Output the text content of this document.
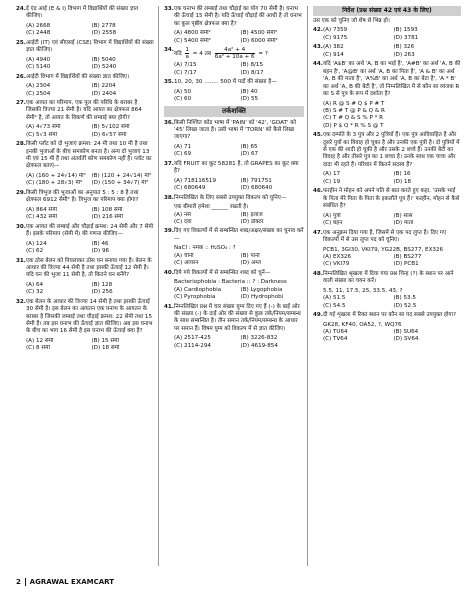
24. ई एंड आई (E & I) विभाग में विद्यार्थियों की संख्या ज्ञात कीजिए।
(A) 2668	(B) 2778
(C) 2448	(D) 2558
25. आईटी (IT) एवं सीएसई (CSE) विभाग में विद्यार्थियों की संख्या ज्ञात कीजिए।
(A) 4940	(B) 5040
(C) 5140	(D) 5240
26. आईटी विभाग में विद्यार्थियों की संख्या ज्ञात कीजिए।
(A) 2304	(B) 2204
(C) 2504	(D) 2404
27. एक आयत का परिमाप, एक पूल की परिधि के बराबर है जिसकी त्रिज्या 21 सेमी है। यदि आयत का क्षेत्रफल 864 सेमी² है, तो आयत के विकर्ण की लम्बाई क्या होगी?
(A) 4√73 सेमी	(B) 5√102 सेमी
(C) 5√3 सेमी	(D) 6√57 सेमी
28. किसी प्लॉट को दो भुजाएं क्रमश: 24 मी तथा 10 मी है तथा इनकी भुजाओं के बीच समकोण बनता है। अन्य दो भुजाएं 13 मी एवं 15 मी हैं तथा अंतर्वर्ती कोण समकोण नहीं है। प्लॉट का क्षेत्रफल बताएं—
(A) (160 + 24√14) मी²	(B) (120 + 24√14) मी²
(C) (180 + 28√3) मी²	(D) (150 + 34√7) मी²
29. किसी त्रिभुज की भुजाओं का अनुपात 5 : 5 : 8 है तथा क्षेत्रफल 6912 सेमी² है। त्रिभुज का परिमाप क्या होगा?
(A) 864 सेमी	(B) 108 सेमी
(C) 432 सेमी	(D) 216 सेमी
30. एक आयत की लम्बाई और चौड़ाई क्रमश: 24 सेमी और 7 सेमी हैं। इसके परिमाप (सेमी में) की गणना कीजिए—
(A) 124	(B) 46
(C) 62	(D) 96
31. एक ठोस बेलन को पिघलाकर ठोस घन बनाया गया है। बेलन के आधार की त्रिज्या 44 सेमी है तथा इसकी ऊँचाई 12 सेमी है। यदि घन की भुजा 11 सेमी है, तो कितने घन बनेंगे?
(A) 64	(B) 128
(C) 32	(D) 256
32. एक बेलन के आधार की त्रिज्या 14 सेमी है तथा इसकी ऊँचाई 30 सेमी है। इस बेलन का आयतन एक घनाभ के आयतन के बराबर है जिसकी लम्बाई तथा चौड़ाई क्रमश: 22 सेमी तथा 15 सेमी है। तब इस घनाभ की ऊँचाई ज्ञात कीजिए। अब इस घनाभ के बीच का भाग 16 सेमी है इस घनाभ की ऊँचाई क्या है?
(A) 12 सेमी	(B) 15 सेमी
(C) 8 सेमी	(D) 18 सेमी
33. एक घनाभ की लम्बाई तथा चौड़ाई का योग 70 सेमी है। घनाभ की ऊँचाई 15 सेमी है। यदि ऊँचाई चौड़ाई की आधी है तो घनाभ का कुल पृष्ठीय क्षेत्रफल क्या है?
(A) 4800 सेमी²	(B) 4500 सेमी²
(C) 5400 सेमी²	(D) 6000 सेमी²
34.
यदि $\frac{1}{a} = 4$ तब $\frac{\text{4a² + 4}}{\text{6a² + 10a + 6}}$ = ?
(A) 7/15	(B) 8/15
(C) 7/17	(D) 8/17
35. 10, 20, 30 ........ 500 में पदों की संख्या है—
(A) 50	(B) 40
(C) 60	(D) 55
तर्कशक्ति
36. किसी निश्चित कोड भाषा में 'PAIN' को '42', 'GOAT' को '45' लिखा जाता है। उसी भाषा में 'TORN' को कैसे लिखा जाएगा?
(A) 71	(B) 65
(C) 69	(D) 67
37. यदि FRUIT का कूट 58281 है, तो GRAPES का कूट क्या है?
(A) 718116519	(B) 791751
(C) 680649	(D) 680640
38. निम्नलिखित के लिए सबसे उपयुक्त विकल्प को चुनिए—
एक बीमारी हमेशा ______ रखती है।
(A) नर्स	(B) इलाज
(C) दवा	(D) डॉक्टर
39. दिए गए विकल्पों में से सम्बन्धित शब्द/अक्षर/संख्या का चुनाव करें—
NaCl : नमक :: H₂SO₄ : ?
(A) चीनी	(B) पानी
(C) आयरन	(D) अम्ल
40. दिये गये विकल्पों में से सम्बन्धित शब्द को चुनें—
Bacteriophobia : Bacteria :: ? : Darkness
(A) Cardiophobia	(B) Lygophobia
(C) Pyrophobia	(D) Hydrophobi
41. निम्नलिखित प्रश्न में चार संख्या युग्म दिए गए हैं (-) के बाईं ओर की संख्या (-) के दाईं ओर की संख्या से कुछ तर्क/नियम/सम्बन्ध के साथ सम्बन्धित है। तीन समान तर्क/नियम/सम्बन्ध के आधार पर समान हैं। विषम युग्म को विकल्प में से ज्ञात कीजिए।
(A) 2517-425	(B) 3226-832
(C) 2114-294	(D) 4619-854
निर्देश (प्रश्न संख्या 42 एवं 43 के लिए)
उस एक को चुनिए जो शेष से भिन्न हो।
42. (A) 7359	(B) 1593
(C) 9175	(D) 3781
43. (A) 382	(B) 326
(C) 914	(D) 263
44. यदि 'A$B' का अर्थ 'A, B का भाई है', 'A#B' का अर्थ 'A, B की बहन है', 'A@B' का अर्थ 'A, B का पिता है', 'A & B' का अर्थ 'A, B की माता है', 'A%B' का अर्थ 'A, B का बेटा है', 'A * B' का अर्थ 'A, B की बेटी है', तो निम्नलिखित में से कौन सा व्यंजक R का S से पुत्र के रूप में दर्शाता है?
(A) R @ S # Q $ P # T
(B) S # T @ P & Q & R
(C) T # Q & S % P * R
(D) P $ Q * R % S @ T
45. एक दम्पति के 3 पुत्र और 2 पुत्रियाँ हैं। एक पुत्र आविवाहित है और दूसरे पुत्रों का विवाह हो चुका है और उनकी एक पुत्री है। दो पुत्रियों में से एक की शादी हो चुकी है और उसके 2 बच्चे हैं। उनकी बेटी का विवाह है और तीसरे पुत्र का 1 बच्चा है। उनके साथ एक चाचा और दादा भी रहते हैं। परिवार में कितने सदस्य हैं?
(A) 17	(B) 16
(C) 19	(D) 18
46. फरहीन ने मोहन को अपने पति से बात करते हुए कहा, 'उसके भाई के पिता मेरे पिता के पिता के इकलौते पुत्र हैं।' फरहीन, मोहन से कैसे संबंधित है?
(A) पुत्री	(B) सास
(C) बहन	(D) माता
47. एक अनुक्रम दिया गया है, जिसमें से एक पद लुप्त है। दिए गए विकल्पों में से उस लुप्त पद को चुनिए।
PCB1, 3GI30, VKI79, YG22B, BS277, EX326
(A) EX326	(B) BS277
(C) VKI79	(D) PCB1
48. निम्नलिखित श्रृंखला में दिया गया प्रश्न चिन्ह (?) के स्थान पर आने वाली संख्या का चयन करें।
5.5, 11, 17.5, 25, 33.5, 43, ?
(A) 51.5	(B) 53.5
(C) 54.5	(D) 52.5
49. दी गई शृंखला में रिक्त स्थान पर कौन सा पद सबसे उपयुक्त होगा?
GK28, KF40, OA52, ?, WQ76
(A) TU64	(B) SU64
(C) TV64	(D) SV64
2 AGRAWAL EXAMCART
